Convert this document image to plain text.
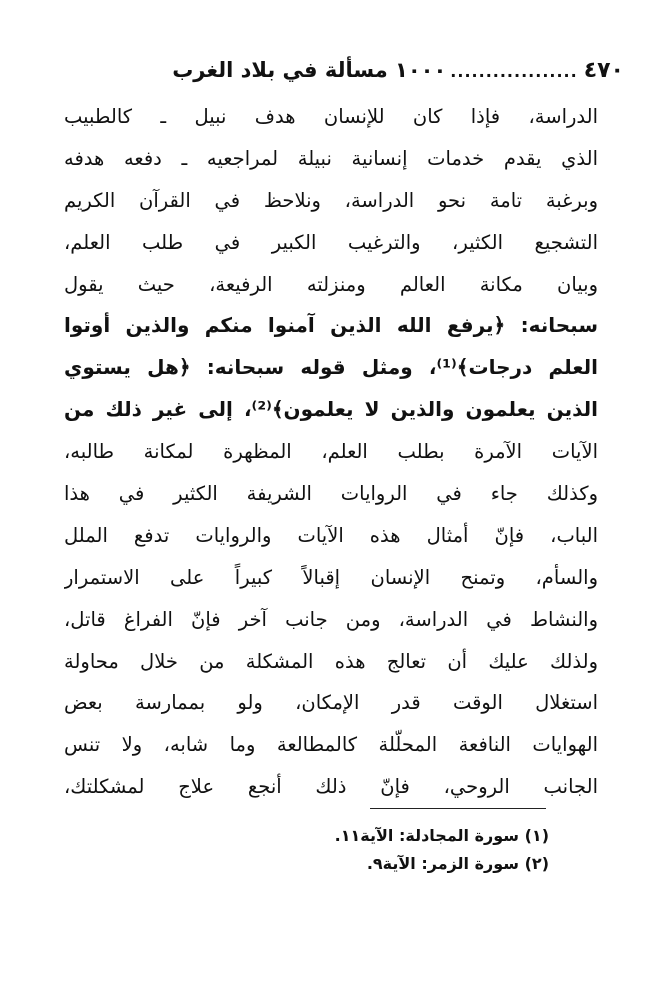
٤٧٠
..................
١٠٠٠ مسألة في بلاد الغرب
الدراسة، فإذا كان للإنسان هدف نبيل ـ كالطبيب
الذي يقدم خدمات إنسانية نبيلة لمراجعيه ـ دفعه هدفه
وبرغبة تامة نحو الدراسة، ونلاحظ في القرآن الكريم
التشجيع الكثير، والترغيب الكبير في طلب العلم،
وبيان مكانة العالم ومنزلته الرفيعة، حيث يقول
سبحانه: ﴿يرفع الله الذين آمنوا منكم والذين أوتوا
العلم درجات﴾⁽¹⁾، ومثل قوله سبحانه: ﴿هل يستوي
الذين يعلمون والذين لا يعلمون﴾⁽²⁾، إلى غير ذلك من
الآيات الآمرة بطلب العلم، المظهرة لمكانة طالبه،
وكذلك جاء في الروايات الشريفة الكثير في هذا
الباب، فإنّ أمثال هذه الآيات والروايات تدفع الملل
والسأم، وتمنح الإنسان إقبالاً كبيراً على الاستمرار
والنشاط في الدراسة، ومن جانب آخر فإنّ الفراغ قاتل،
ولذلك عليك أن تعالج هذه المشكلة من خلال محاولة
استغلال الوقت قدر الإمكان، ولو بممارسة بعض
الهوايات النافعة المحلّلة كالمطالعة وما شابه، ولا تنس
الجانب الروحي، فإنّ ذلك أنجع علاج لمشكلتك،
(١) سورة المجادلة: الآية١١.
(٢) سورة الزمر: الآية٩.
